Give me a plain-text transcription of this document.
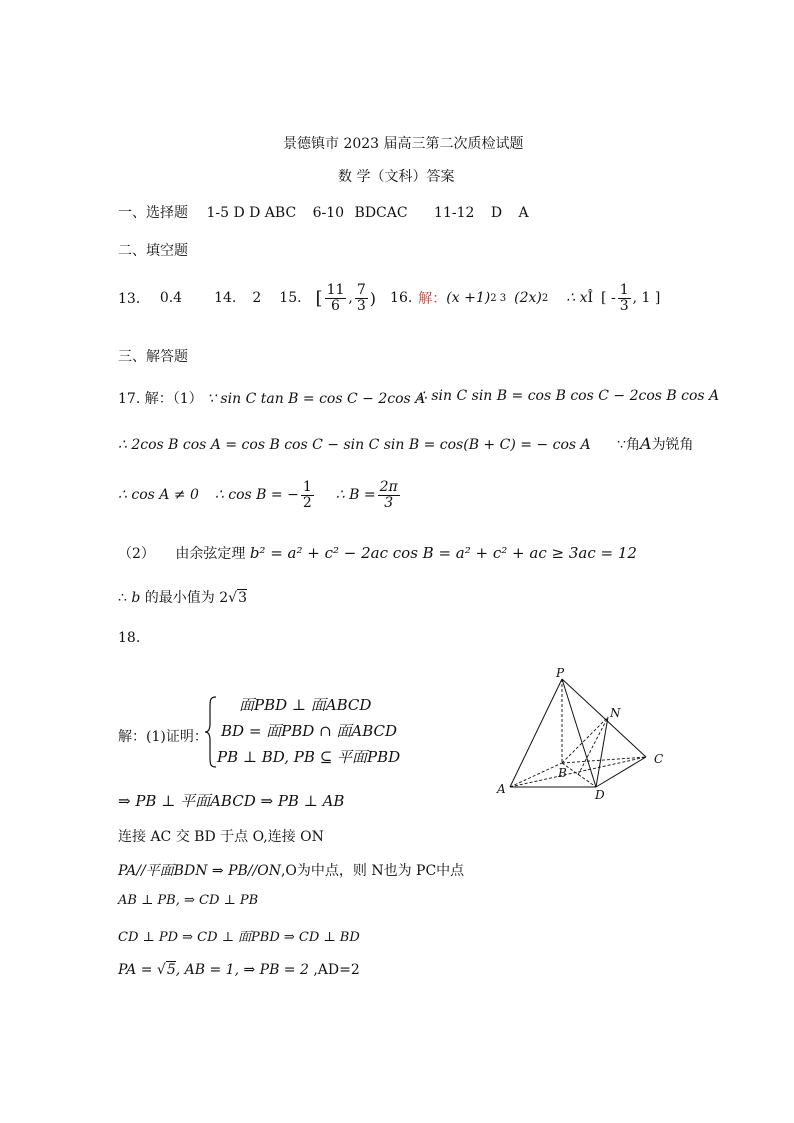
景德镇市 2023 届高三第二次质检试题
数 学（文科）答案
一、选择题 1-5 D D ABC 6-10 BDCAC 11-12 D A
二、填空题
13． 0.4 14. 2 15. [ $\frac{11}{6}$ , $\frac{7}{3}$ ) 16. 解： (x +1) 2 3 (2x) 2 ∴ x Î [ - $\frac{1}{3}$ , 1 ]
三、解答题
17. 解：（1） ∵ sin C tan B = cos C − 2cos A
∴ sin C sin B = cos B cos C − 2cos B cos A
∴ 2cos B cos A = cos B cos C − sin C sin B = cos(B + C) = − cos A ∵角A为锐角
∴ cos A ≠ 0 ∴ cos B = − $\frac{1}{2}$ ∴ $B = \frac{2\pi}{3}$
（2） 由余弦定理 b² = a² + c² − 2ac cos B = a² + c² + ac ≥ 3ac = 12
∴ b 的最小值为 2√3
18.
解：(1)证明：
面PBD ⊥ 面ABCD
BD = 面PBD ∩ 面ABCD
PB ⊥ BD, PB ⊆ 平面PBD
⇒ PB ⊥ 平面ABCD ⇒ PB ⊥ AB
连接 AC 交 BD 于点 O,连接 ON
PA//平面BDN ⇒ PB//ON,O为中点，则 N也为 PC中点
AB ⊥ PB, ⇒ CD ⊥ PB
CD ⊥ PD ⇒ CD ⊥ 面PBD ⇒ CD ⊥ BD
PA = √5, AB = 1, ⇒ PB = 2 ,AD=2
P
N
B
C
A	D
